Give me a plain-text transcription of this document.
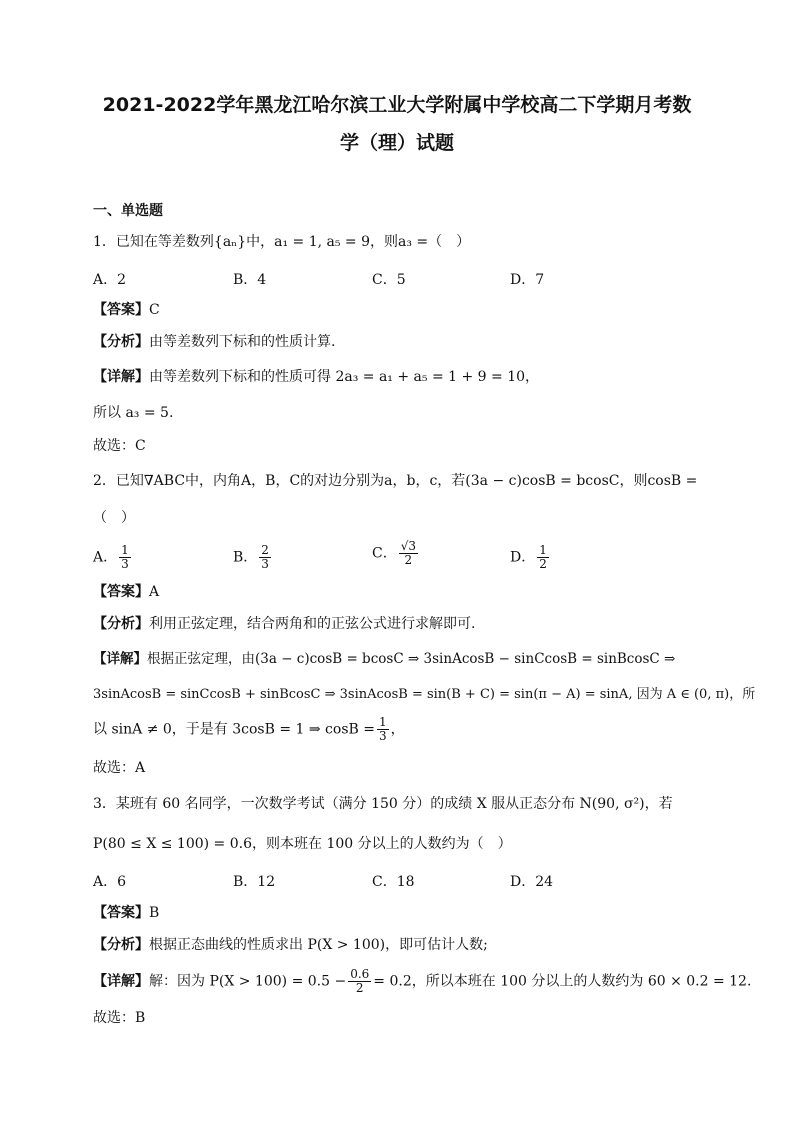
2021-2022学年黑龙江哈尔滨工业大学附属中学校高二下学期月考数
学（理）试题
一、单选题
1．已知在等差数列{aₙ}中，a₁ = 1, a₅ = 9，则a₃ =（　）
A．2	B．4	C．5	D．7
【答案】C
【分析】由等差数列下标和的性质计算.
【详解】由等差数列下标和的性质可得 2a₃ = a₁ + a₅ = 1 + 9 = 10，
所以 a₃ = 5.
故选：C
2．已知∇ABC中，内角A，B，C的对边分别为a，b，c，若(3a − c)cosB = bcosC，则cosB =
（　）
A． $\frac{1}{3}$	B． $\frac{2}{3}$	C． $\frac{√3}{2}$	D． $\frac{1}{2}$
【答案】A
【分析】利用正弦定理，结合两角和的正弦公式进行求解即可.
【详解】根据正弦定理，由(3a − c)cosB = bcosC ⇒ 3sinAcosB − sinCcosB = sinBcosC ⇒
3sinAcosB = sinCcosB + sinBcosC ⇒ 3sinAcosB = sin(B + C) = sin(π − A) = sinA, 因为 A ∈ (0, π)，所
以 sinA ≠ 0，于是有 3cosB = 1 ⇒ $\cos B = \frac{1}{3}$ ，
故选：A
3．某班有 60 名同学，一次数学考试（满分 150 分）的成绩 X 服从正态分布 N(90, σ²)，若
P(80 ≤ X ≤ 100) = 0.6，则本班在 100 分以上的人数约为（　）
A．6	B．12	C．18	D．24
【答案】B
【分析】根据正态曲线的性质求出 P(X > 100)，即可估计人数;
【详解】解：因为 $P(X > 100) = 0.5 - \frac{0.6}{2} = 0.2$，所以本班在 100 分以上的人数约为 60 × 0.2 = 12.
故选：B
